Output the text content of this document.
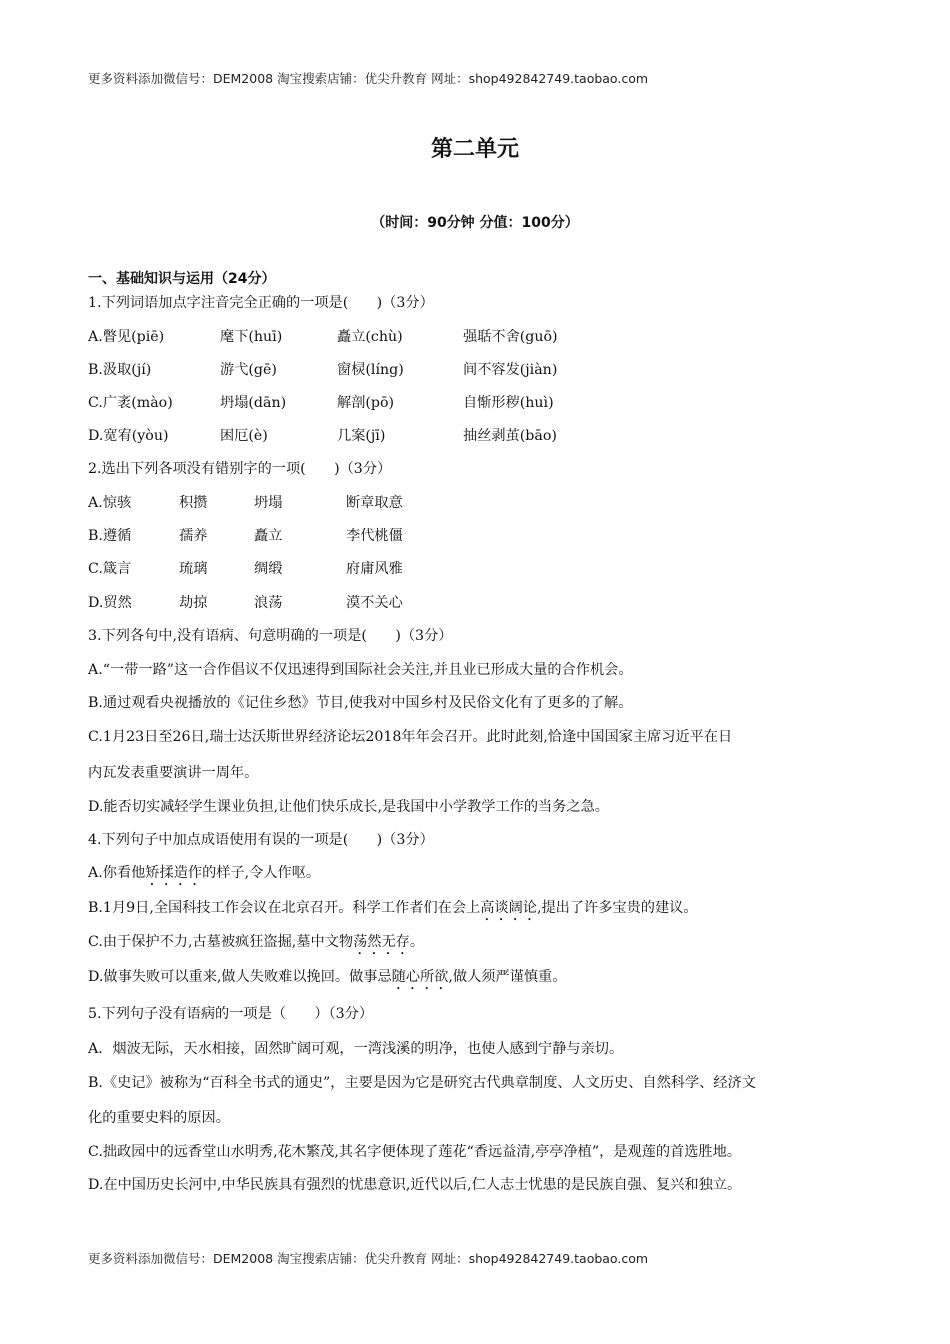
更多资料添加微信号：DEM2008 淘宝搜索店铺：优尖升教育 网址：shop492842749.taobao.com
第二单元
（时间：90分钟 分值：100分）
一、基础知识与运用（24分）
1.下列词语加点字注音完全正确的一项是(　　)（3分）
A.瞥见(piē)	麾下(huī)	矗立(chù)	强聒不舍(guō)
B.汲取(jí)	游弋(gē)	窗棂(líng)	间不容发(jiàn)
C.广袤(mào)	坍塌(dān)	解剖(pō)	自惭形秽(huì)
D.宽宥(yòu)	困厄(è)	几案(jī)	抽丝剥茧(bāo)
2.选出下列各项没有错别字的一项(　　)（3分）
A.惊骇	积攒	坍塌	断章取意
B.遵循	孺养	矗立	李代桃僵
C.箴言	琉璃	绸缎	府庸风雅
D.贸然	劫掠	浪荡	漠不关心
3.下列各句中,没有语病、句意明确的一项是(　　)（3分）
A.“一带一路”这一合作倡议不仅迅速得到国际社会关注,并且业已形成大量的合作机会。
B.通过观看央视播放的《记住乡愁》节目,使我对中国乡村及民俗文化有了更多的了解。
C.1月23日至26日,瑞士达沃斯世界经济论坛2018年年会召开。此时此刻,恰逢中国国家主席习近平在日
内瓦发表重要演讲一周年。
D.能否切实减轻学生课业负担,让他们快乐成长,是我国中小学教学工作的当务之急。
4.下列句子中加点成语使用有误的一项是(　　)（3分）
A.你看他矫揉造作的样子,令人作呕。
B.1月9日,全国科技工作会议在北京召开。科学工作者们在会上高谈阔论,提出了许多宝贵的建议。
C.由于保护不力,古墓被疯狂盗掘,墓中文物荡然无存。
D.做事失败可以重来,做人失败难以挽回。做事忌随心所欲,做人须严谨慎重。
5.下列句子没有语病的一项是（　　）（3分）
A．烟波无际，天水相接，固然旷阔可观，一湾浅溪的明净，也使人感到宁静与亲切。
B.《史记》被称为“百科全书式的通史”，主要是因为它是研究古代典章制度、人文历史、自然科学、经济文
化的重要史料的原因。
C.拙政园中的远香堂山水明秀,花木繁茂,其名字便体现了莲花“香远益清,亭亭净植”，是观莲的首选胜地。
D.在中国历史长河中,中华民族具有强烈的忧患意识,近代以后,仁人志士忧患的是民族自强、复兴和独立。
更多资料添加微信号：DEM2008 淘宝搜索店铺：优尖升教育 网址：shop492842749.taobao.com
